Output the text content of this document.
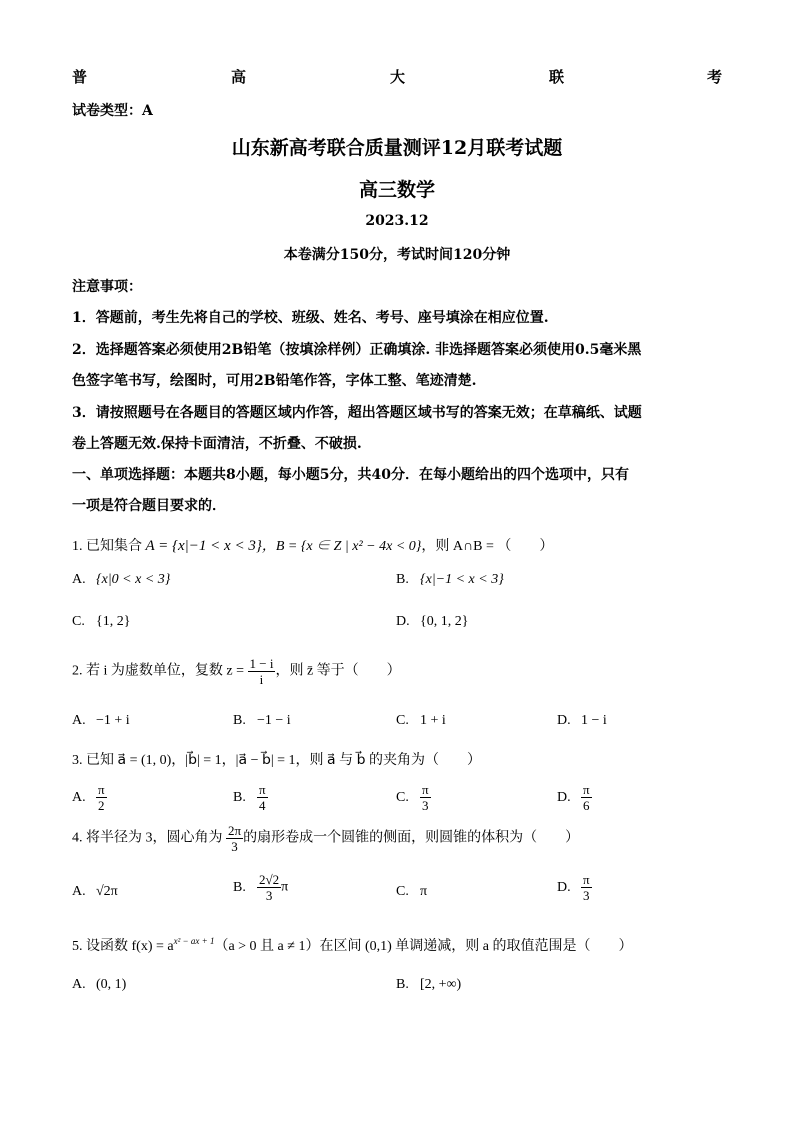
普	高	大	联	考
试卷类型：A
山东新高考联合质量测评12月联考试题
高三数学
2023.12
本卷满分150分，考试时间120分钟
注意事项：
1．答题前，考生先将自己的学校、班级、姓名、考号、座号填涂在相应位置.
2．选择题答案必须使用2B铅笔（按填涂样例）正确填涂. 非选择题答案必须使用0.5毫米黑
色签字笔书写，绘图时，可用2B铅笔作答，字体工整、笔迹清楚.
3．请按照题号在各题目的答题区域内作答，超出答题区域书写的答案无效；在草稿纸、试题
卷上答题无效.保持卡面清洁，不折叠、不破损.
一、单项选择题：本题共8小题，每小题5分，共40分．在每小题给出的四个选项中，只有
一项是符合题目要求的．
1. 已知集合 A = {x|−1 < x < 3}，B = {x ∈ Z | x² − 4x < 0}，则 A∩B = （　　）
A. {x|0 < x < 3}	B. {x|−1 < x < 3}
C. {1, 2}	D. {0, 1, 2}
2. 若 i 为虚数单位，复数 $z = \frac{1 - i}{i}$ ，则 z̄ 等于（　　）
A. −1 + i	B. −1 − i	C. 1 + i	D. 1 − i
3. 已知 a⃗ = (1, 0)，|b⃗| = 1，|a⃗ − b⃗| = 1，则 a⃗ 与 b⃗ 的夹角为（　　）
A. $\frac{\pi}{2}$	B. $\frac{\pi}{4}$	C. $\frac{\pi}{3}$	D. $\frac{\pi}{6}$
4. 将半径为 3，圆心角为 $\frac{2\pi}{3}$ 的扇形卷成一个圆锥的侧面，则圆锥的体积为（　　）
A. √2π	B. $\frac{2√2}{3}$ π	C. π	D. $\frac{\pi}{3}$
5. 设函数 $f(x) = a^{x^2 - ax + 1}(a > 0$ 且 a ≠ 1）在区间 (0,1) 单调递减，则 a 的取值范围是（　　）
A. (0, 1)	B. [2, +∞)
